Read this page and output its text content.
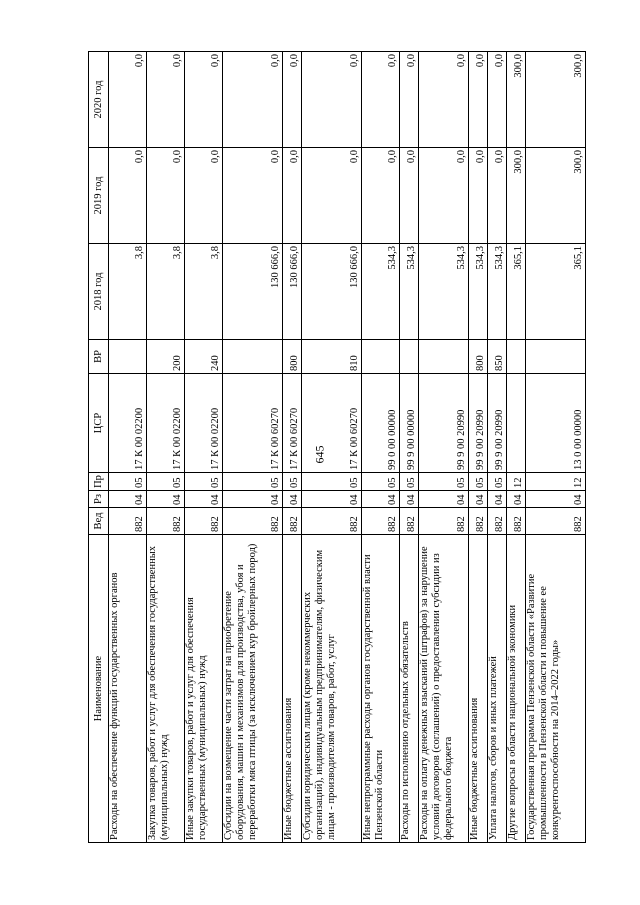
645
Наименование	Вед	Рз	Пр	ЦСР	ВР	2018 год	2019 год	2020 год
Расходы на обеспечение функций государственных органов	882	04	05	17 К 00 02200		3,8	0,0	0,0
Закупка товаров, работ и услуг для обеспечения государственных (муниципальных) нужд	882	04	05	17 К 00 02200	200	3,8	0,0	0,0
Иные закупки товаров, работ и услуг для обеспечения государственных (муниципальных) нужд	882	04	05	17 К 00 02200	240	3,8	0,0	0,0
Субсидии на возмещение части затрат на приобретение оборудования, машин и механизмов для производства, убоя и переработки мяса птицы (за исключением кур бройлерных пород)	882	04	05	17 К 00 60270		130 666,0	0,0	0,0
Иные бюджетные ассигнования	882	04	05	17 К 00 60270	800	130 666,0	0,0	0,0
Субсидии юридическим лицам (кроме некоммерческих организаций), индивидуальным предпринимателям, физическим лицам - производителям товаров, работ, услуг	882	04	05	17 К 00 60270	810	130 666,0	0,0	0,0
Иные непрограммные расходы органов государственной власти Пензенской области	882	04	05	99 0 00 00000		534,3	0,0	0,0
Расходы по исполнению отдельных обязательств	882	04	05	99 9 00 00000		534,3	0,0	0,0
Расходы на оплату денежных взысканий (штрафов) за нарушение условий договоров (соглашений) о предоставлении субсидии из федерального бюджета	882	04	05	99 9 00 20990		534,3	0,0	0,0
Иные бюджетные ассигнования	882	04	05	99 9 00 20990	800	534,3	0,0	0,0
Уплата налогов, сборов и иных платежей	882	04	05	99 9 00 20990	850	534,3	0,0	0,0
Другие вопросы в области национальной экономики	882	04	12			365,1	300,0	300,0
Государственная программа Пензенской области «Развитие промышленности в Пензенской области и повышение ее конкурентоспособности на 2014–2022 годы»	882	04	12	13 0 00 00000		365,1	300,0	300,0
